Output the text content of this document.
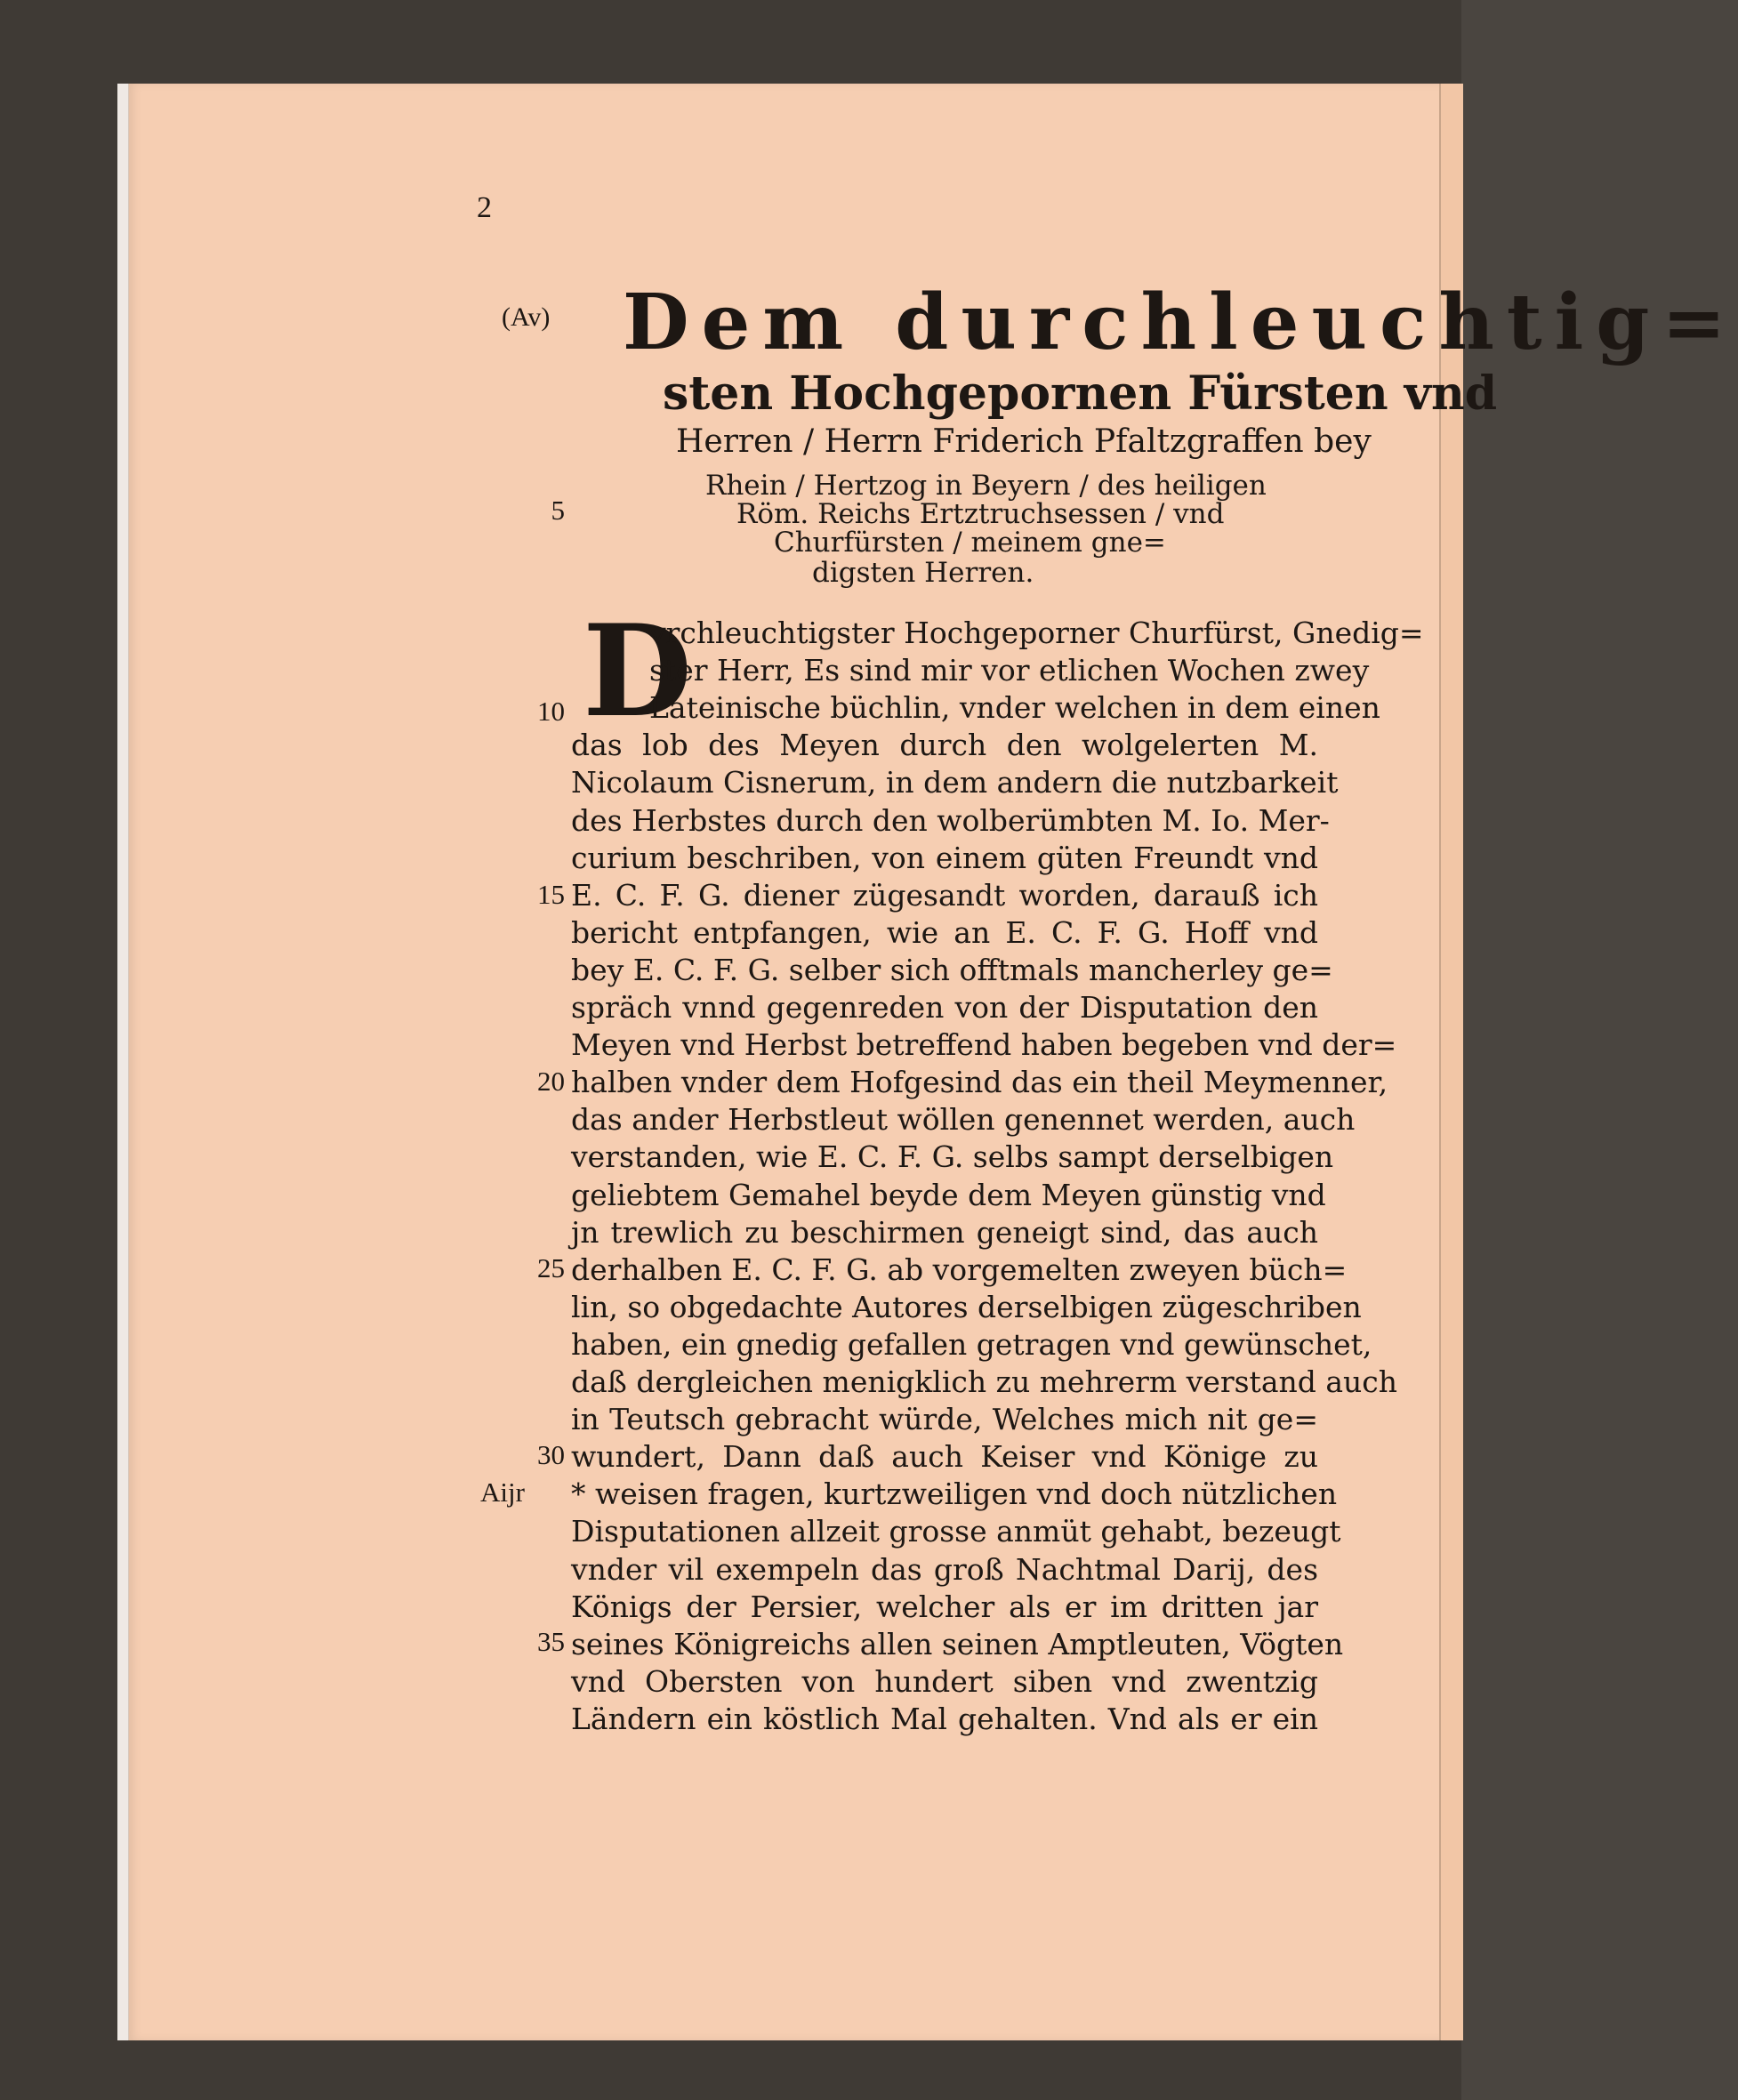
2
(Av) Dem durchleuchtig=
sten Hochgepornen Fürsten vnd
Herren / Herrn Friderich Pfaltzgraffen bey
Rhein / Hertzog in Beyern / des heiligen
Röm. Reichs Ertztruchsessen / vnd
Churfürsten / meinem gne=
digsten Herren.
5
10
15
20
25
30
35
Aijr
D
vrchleuchtigster Hochgeporner Churfürst, Gnedig=
ster Herr, Es sind mir vor etlichen Wochen zwey
Lateinische büchlin, vnder welchen in dem einen
das lob des Meyen durch den wolgelerten M.
Nicolaum Cisnerum, in dem andern die nutzbarkeit
des Herbstes durch den wolberümbten M. Io. Mer-
curium beschriben, von einem güten Freundt vnd
E. C. F. G. diener zügesandt worden, darauß ich
bericht entpfangen, wie an E. C. F. G. Hoff vnd
bey E. C. F. G. selber sich offtmals mancherley ge=
spräch vnnd gegenreden von der Disputation den
Meyen vnd Herbst betreffend haben begeben vnd der=
halben vnder dem Hofgesind das ein theil Meymenner,
das ander Herbstleut wöllen genennet werden, auch
verstanden, wie E. C. F. G. selbs sampt derselbigen
geliebtem Gemahel beyde dem Meyen günstig vnd
jn trewlich zu beschirmen geneigt sind, das auch
derhalben E. C. F. G. ab vorgemelten zweyen büch=
lin, so obgedachte Autores derselbigen zügeschriben
haben, ein gnedig gefallen getragen vnd gewünschet,
daß dergleichen menigklich zu mehrerm verstand auch
in Teutsch gebracht würde, Welches mich nit ge=
wundert, Dann daß auch Keiser vnd Könige zu
* weisen fragen, kurtzweiligen vnd doch nützlichen
Disputationen allzeit grosse anmüt gehabt, bezeugt
vnder vil exempeln das groß Nachtmal Darij, des
Königs der Persier, welcher als er im dritten jar
seines Königreichs allen seinen Amptleuten, Vögten
vnd Obersten von hundert siben vnd zwentzig
Ländern ein köstlich Mal gehalten. Vnd als er ein
